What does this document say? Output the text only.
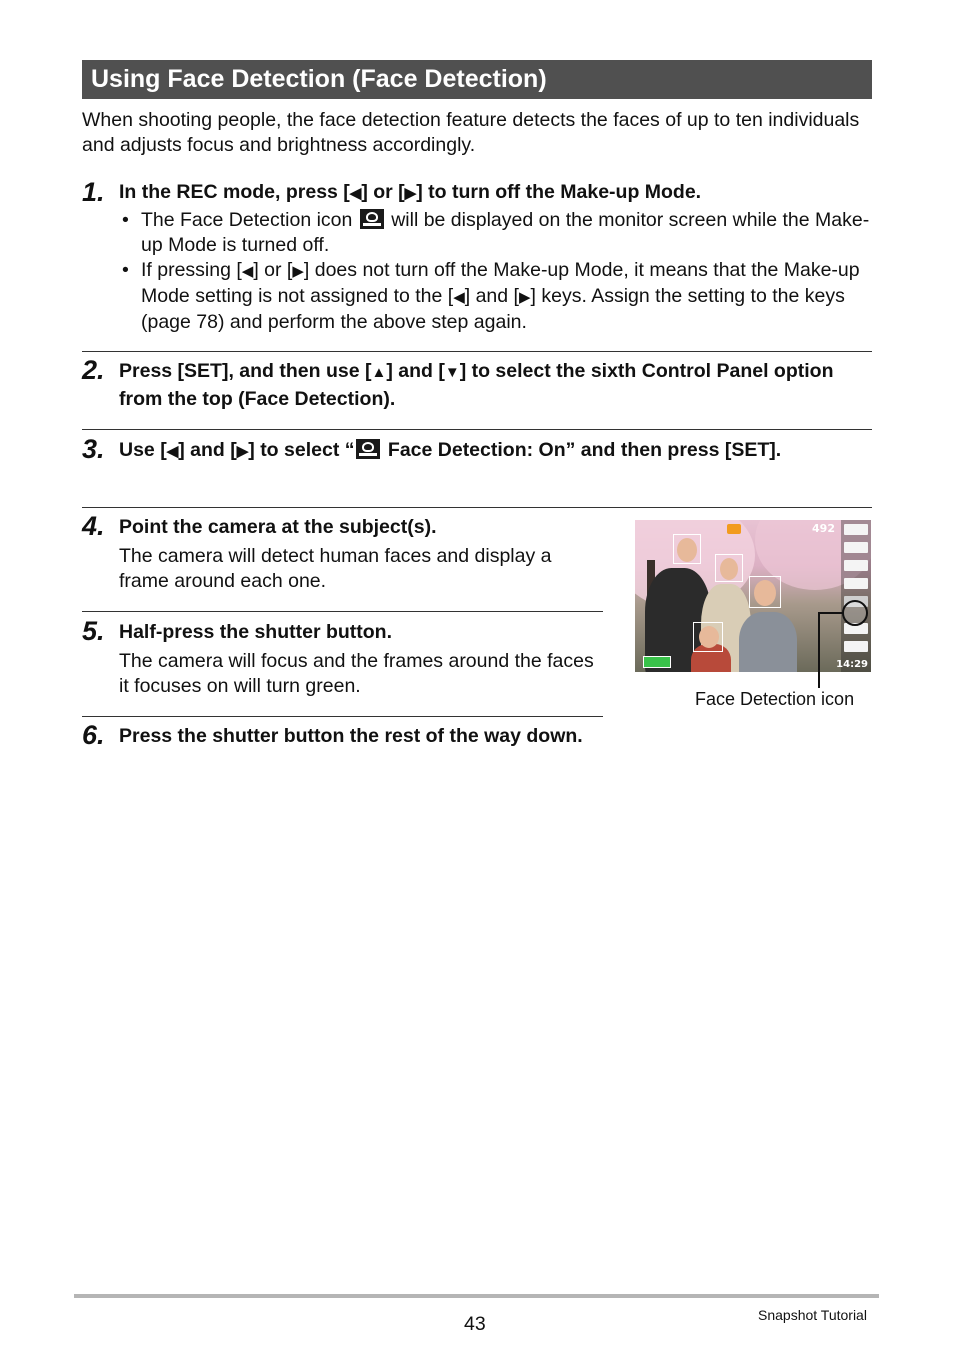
Using Face Detection (Face Detection)
When shooting people, the face detection feature detects the faces of up to ten individuals and adjusts focus and brightness accordingly.
1. In the REC mode, press [◀] or [▶] to turn off the Make-up Mode.
• The Face Detection icon  will be displayed on the monitor screen while the Make-up Mode is turned off.
• If pressing [◀] or [▶] does not turn off the Make-up Mode, it means that the Make-up Mode setting is not assigned to the [◀] and [▶] keys. Assign the setting to the keys (page 78) and perform the above step again.
2. Press [SET], and then use [▲] and [▼] to select the sixth Control Panel option from the top (Face Detection).
3. Use [◀] and [▶] to select “ Face Detection: On” and then press [SET].
4. Point the camera at the subject(s).
The camera will detect human faces and display a frame around each one.
5. Half-press the shutter button.
The camera will focus and the frames around the faces it focuses on will turn green.
6. Press the shutter button the rest of the way down.
492
14:29
Face Detection icon
43	Snapshot Tutorial
